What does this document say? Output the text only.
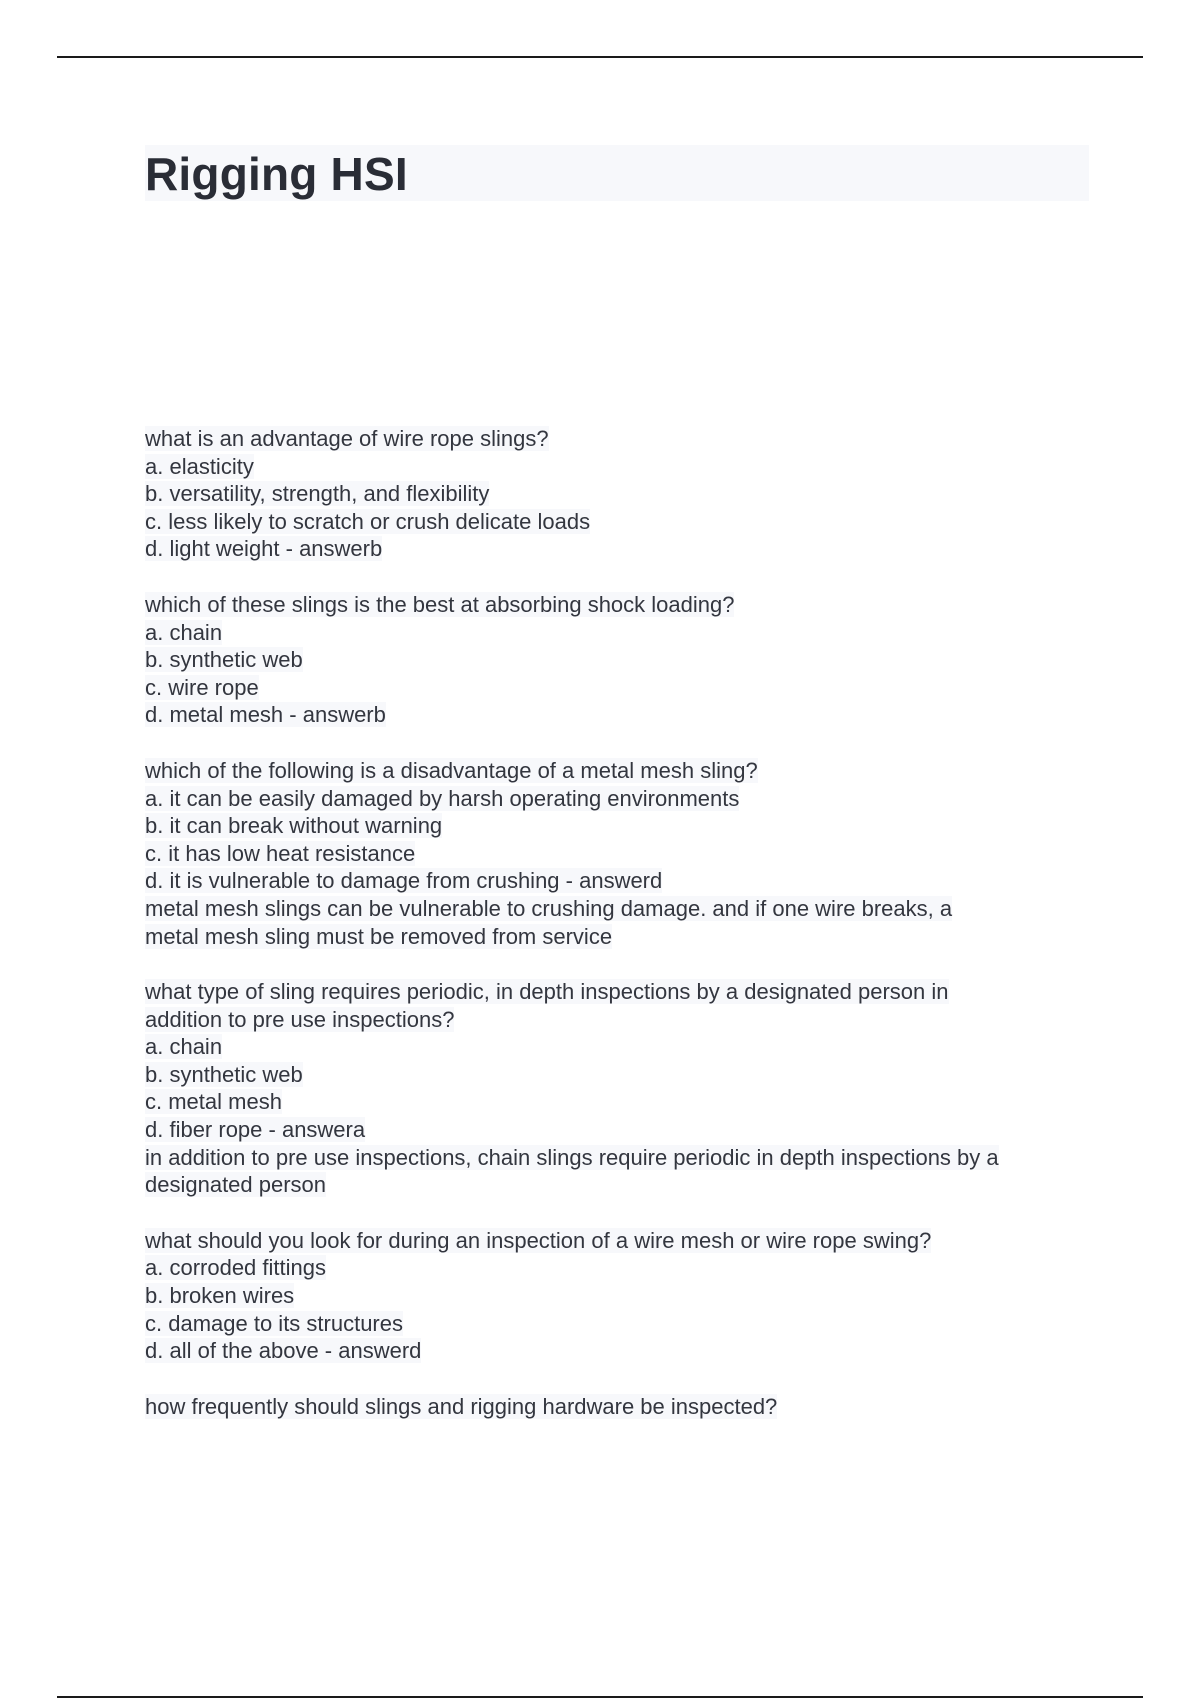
Rigging HSI
what is an advantage of wire rope slings?
a. elasticity
b. versatility, strength, and flexibility
c. less likely to scratch or crush delicate loads
d. light weight - answerb
which of these slings is the best at absorbing shock loading?
a. chain
b. synthetic web
c. wire rope
d. metal mesh - answerb
which of the following is a disadvantage of a metal mesh sling?
a. it can be easily damaged by harsh operating environments
b. it can break without warning
c. it has low heat resistance
d. it is vulnerable to damage from crushing - answerd
metal mesh slings can be vulnerable to crushing damage. and if one wire breaks, a
metal mesh sling must be removed from service
what type of sling requires periodic, in depth inspections by a designated person in
addition to pre use inspections?
a. chain
b. synthetic web
c. metal mesh
d. fiber rope - answera
in addition to pre use inspections, chain slings require periodic in depth inspections by a
designated person
what should you look for during an inspection of a wire mesh or wire rope swing?
a. corroded fittings
b. broken wires
c. damage to its structures
d. all of the above - answerd
how frequently should slings and rigging hardware be inspected?
